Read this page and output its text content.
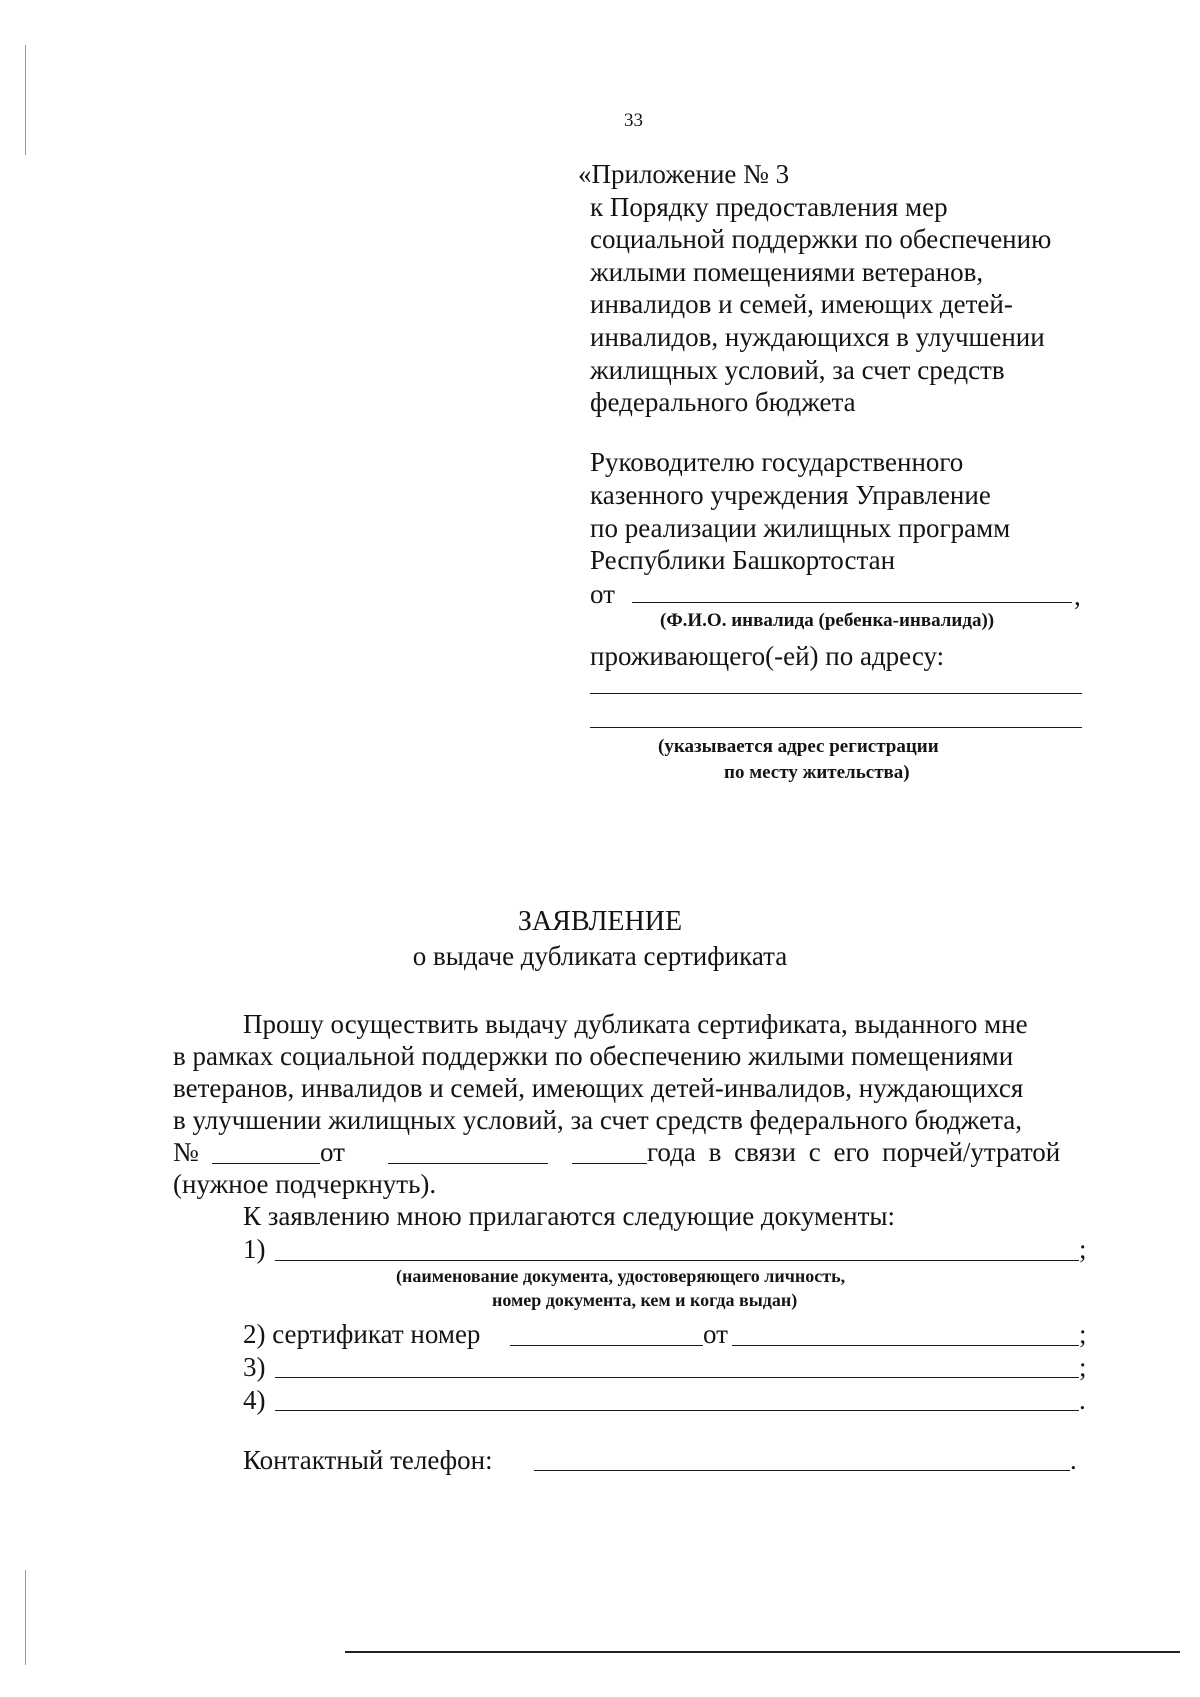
33
«Приложение № 3
к Порядку предоставления мер
социальной поддержки по обеспечению
жилыми помещениями ветеранов,
инвалидов и семей, имеющих детей-
инвалидов, нуждающихся в улучшении
жилищных условий, за счет средств
федерального бюджета
Руководителю государственного
казенного учреждения Управление
по реализации жилищных программ
Республики Башкортостан
от	,
(Ф.И.О. инвалида (ребенка-инвалида))
проживающего(-ей) по адресу:
(указывается адрес регистрации
по месту жительства)
ЗАЯВЛЕНИЕ
о выдаче дубликата сертификата
Прошу осуществить выдачу дубликата сертификата, выданного мне
в рамках социальной поддержки по обеспечению жилыми помещениями
ветеранов, инвалидов и семей, имеющих детей-инвалидов, нуждающихся
в улучшении жилищных условий, за счет средств федерального бюджета,
№	от	года в связи с его порчей/утратой
(нужное подчеркнуть).
К заявлению мною прилагаются следующие документы:
1)	;
(наименование документа, удостоверяющего личность,
номер документа, кем и когда выдан)
2) сертификат номер	от	;
3)	;
4)	.
Контактный телефон:	.
